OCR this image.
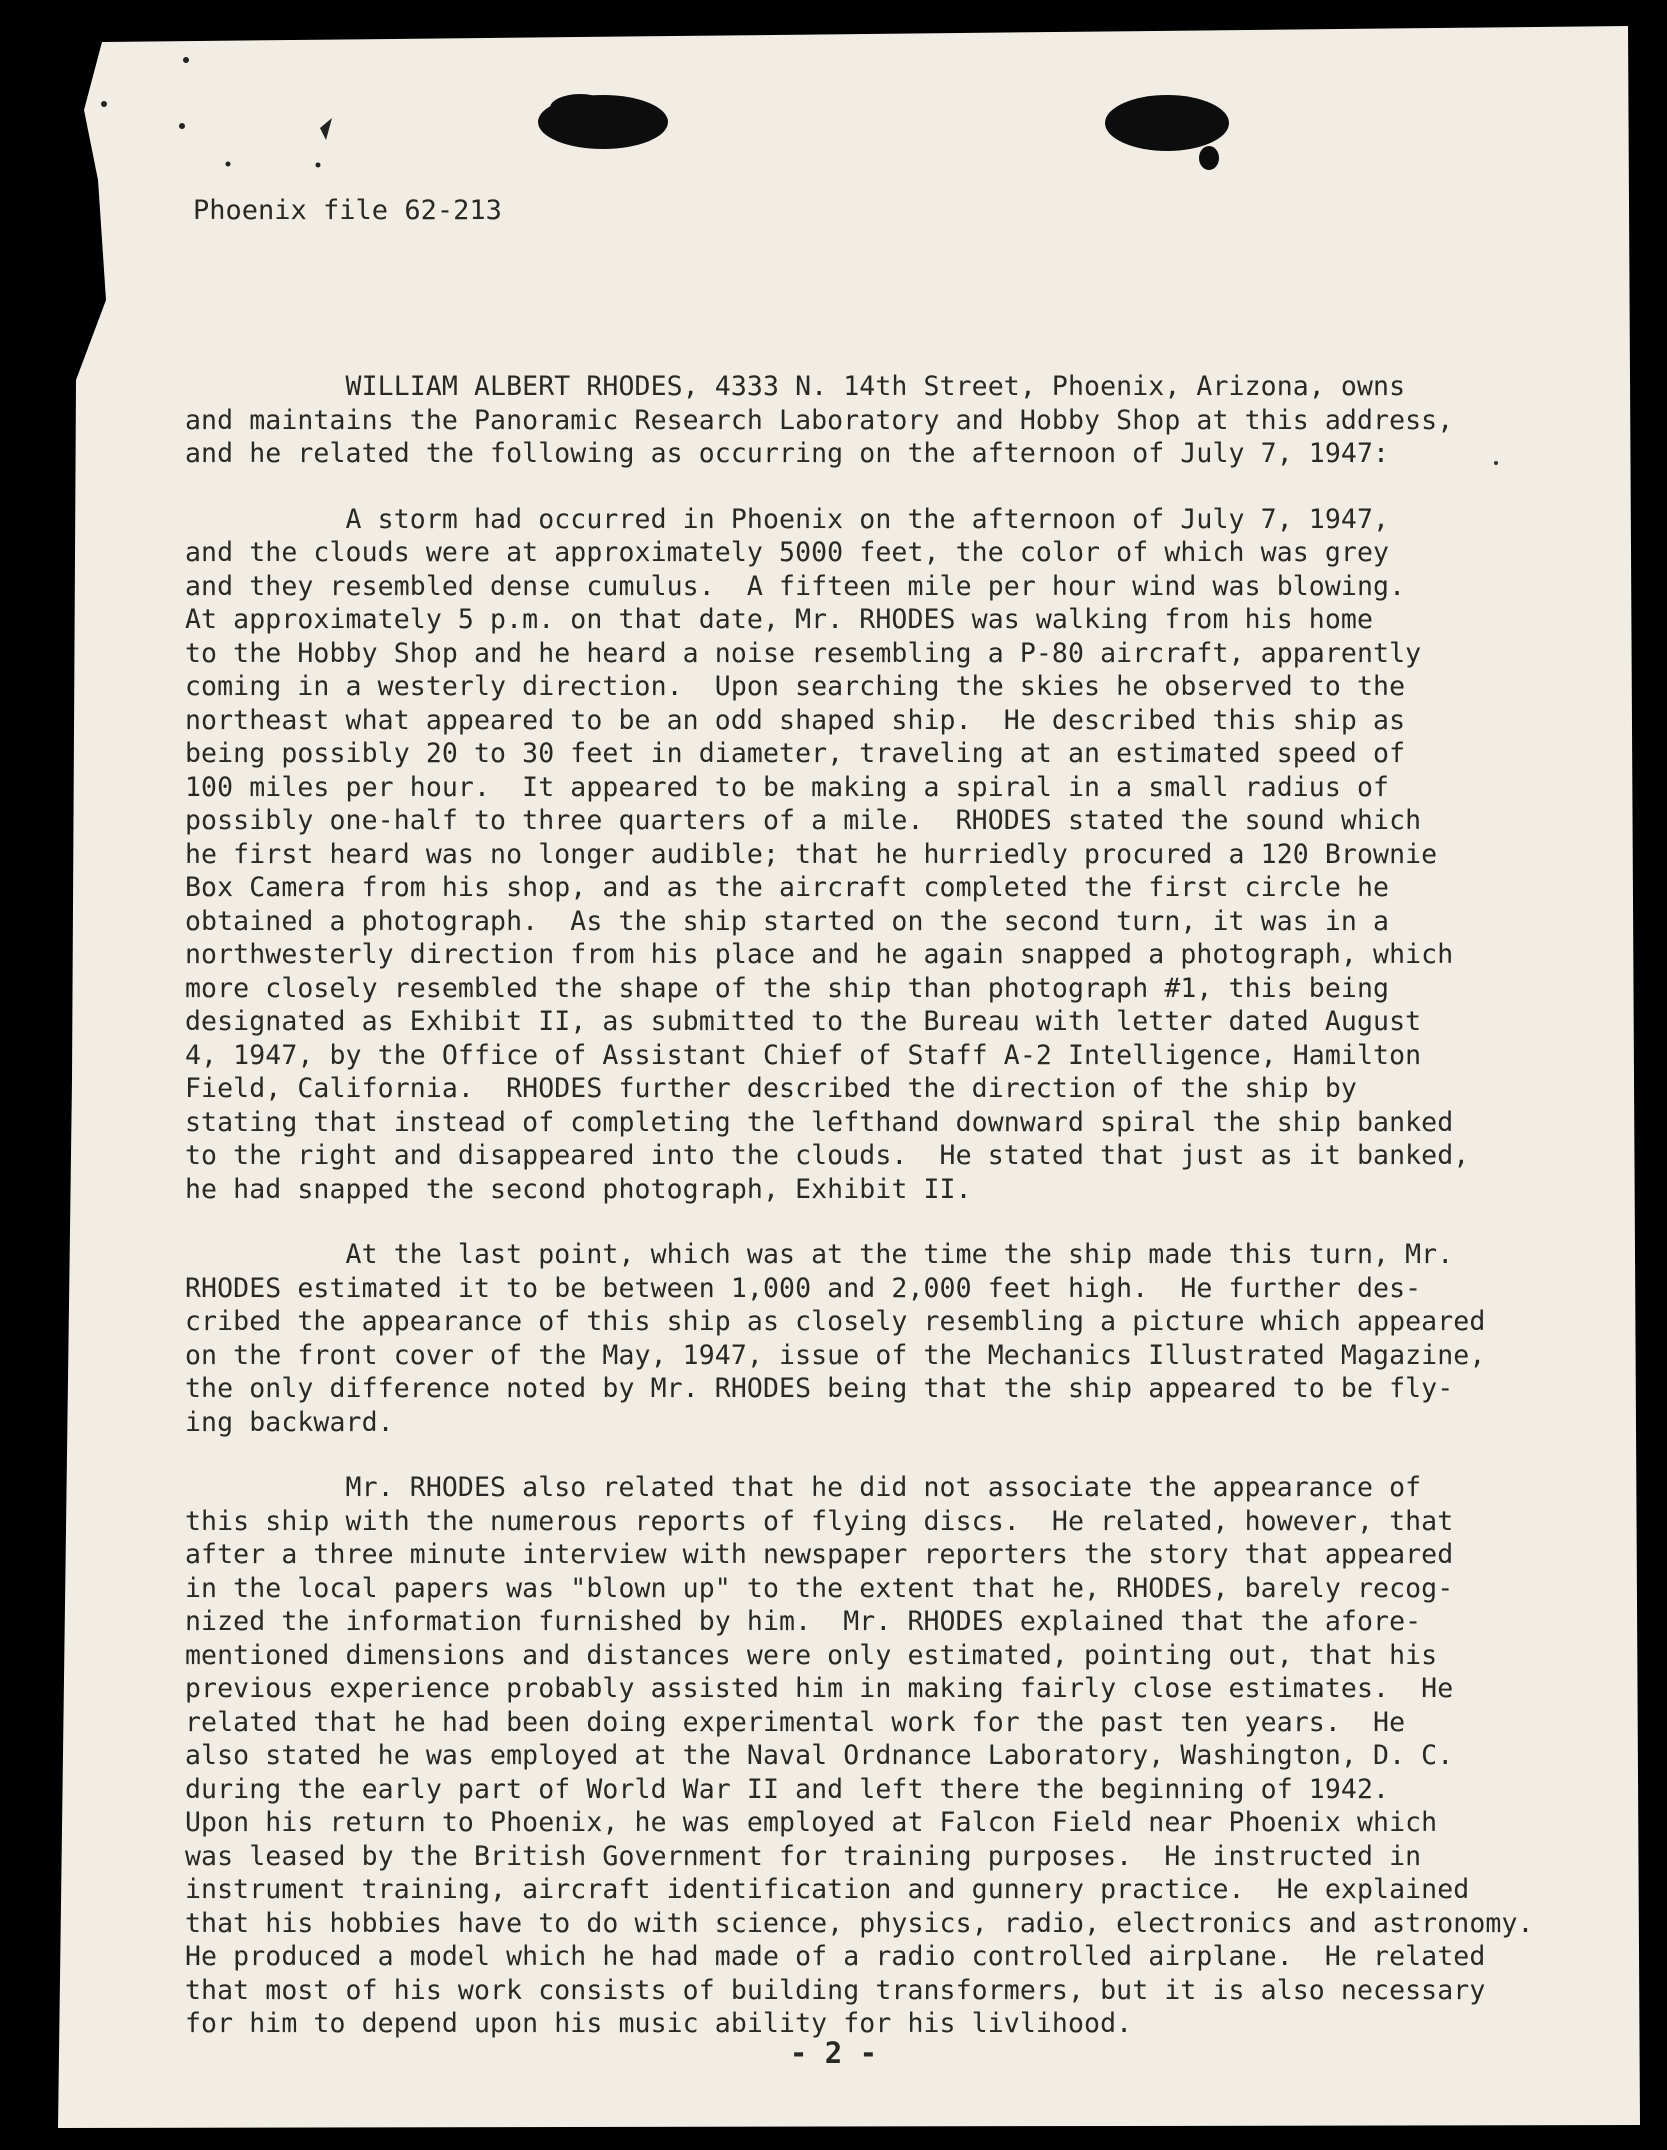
Phoenix file 62-213
WILLIAM ALBERT RHODES, 4333 N. 14th Street, Phoenix, Arizona, owns
and maintains the Panoramic Research Laboratory and Hobby Shop at this address,
and he related the following as occurring on the afternoon of July 7, 1947:
A storm had occurred in Phoenix on the afternoon of July 7, 1947,
and the clouds were at approximately 5000 feet, the color of which was grey
and they resembled dense cumulus.  A fifteen mile per hour wind was blowing.
At approximately 5 p.m. on that date, Mr. RHODES was walking from his home
to the Hobby Shop and he heard a noise resembling a P-80 aircraft, apparently
coming in a westerly direction.  Upon searching the skies he observed to the
northeast what appeared to be an odd shaped ship.  He described this ship as
being possibly 20 to 30 feet in diameter, traveling at an estimated speed of
100 miles per hour.  It appeared to be making a spiral in a small radius of
possibly one-half to three quarters of a mile.  RHODES stated the sound which
he first heard was no longer audible; that he hurriedly procured a 120 Brownie
Box Camera from his shop, and as the aircraft completed the first circle he
obtained a photograph.  As the ship started on the second turn, it was in a
northwesterly direction from his place and he again snapped a photograph, which
more closely resembled the shape of the ship than photograph #1, this being
designated as Exhibit II, as submitted to the Bureau with letter dated August
4, 1947, by the Office of Assistant Chief of Staff A-2 Intelligence, Hamilton
Field, California.  RHODES further described the direction of the ship by
stating that instead of completing the lefthand downward spiral the ship banked
to the right and disappeared into the clouds.  He stated that just as it banked,
he had snapped the second photograph, Exhibit II.
At the last point, which was at the time the ship made this turn, Mr.
RHODES estimated it to be between 1,000 and 2,000 feet high.  He further des-
cribed the appearance of this ship as closely resembling a picture which appeared
on the front cover of the May, 1947, issue of the Mechanics Illustrated Magazine,
the only difference noted by Mr. RHODES being that the ship appeared to be fly-
ing backward.
Mr. RHODES also related that he did not associate the appearance of
this ship with the numerous reports of flying discs.  He related, however, that
after a three minute interview with newspaper reporters the story that appeared
in the local papers was "blown up" to the extent that he, RHODES, barely recog-
nized the information furnished by him.  Mr. RHODES explained that the afore-
mentioned dimensions and distances were only estimated, pointing out, that his
previous experience probably assisted him in making fairly close estimates.  He
related that he had been doing experimental work for the past ten years.  He
also stated he was employed at the Naval Ordnance Laboratory, Washington, D. C.
during the early part of World War II and left there the beginning of 1942.
Upon his return to Phoenix, he was employed at Falcon Field near Phoenix which
was leased by the British Government for training purposes.  He instructed in
instrument training, aircraft identification and gunnery practice.  He explained
that his hobbies have to do with science, physics, radio, electronics and astronomy.
He produced a model which he had made of a radio controlled airplane.  He related
that most of his work consists of building transformers, but it is also necessary
for him to depend upon his music ability for his livlihood.
- 2 -
